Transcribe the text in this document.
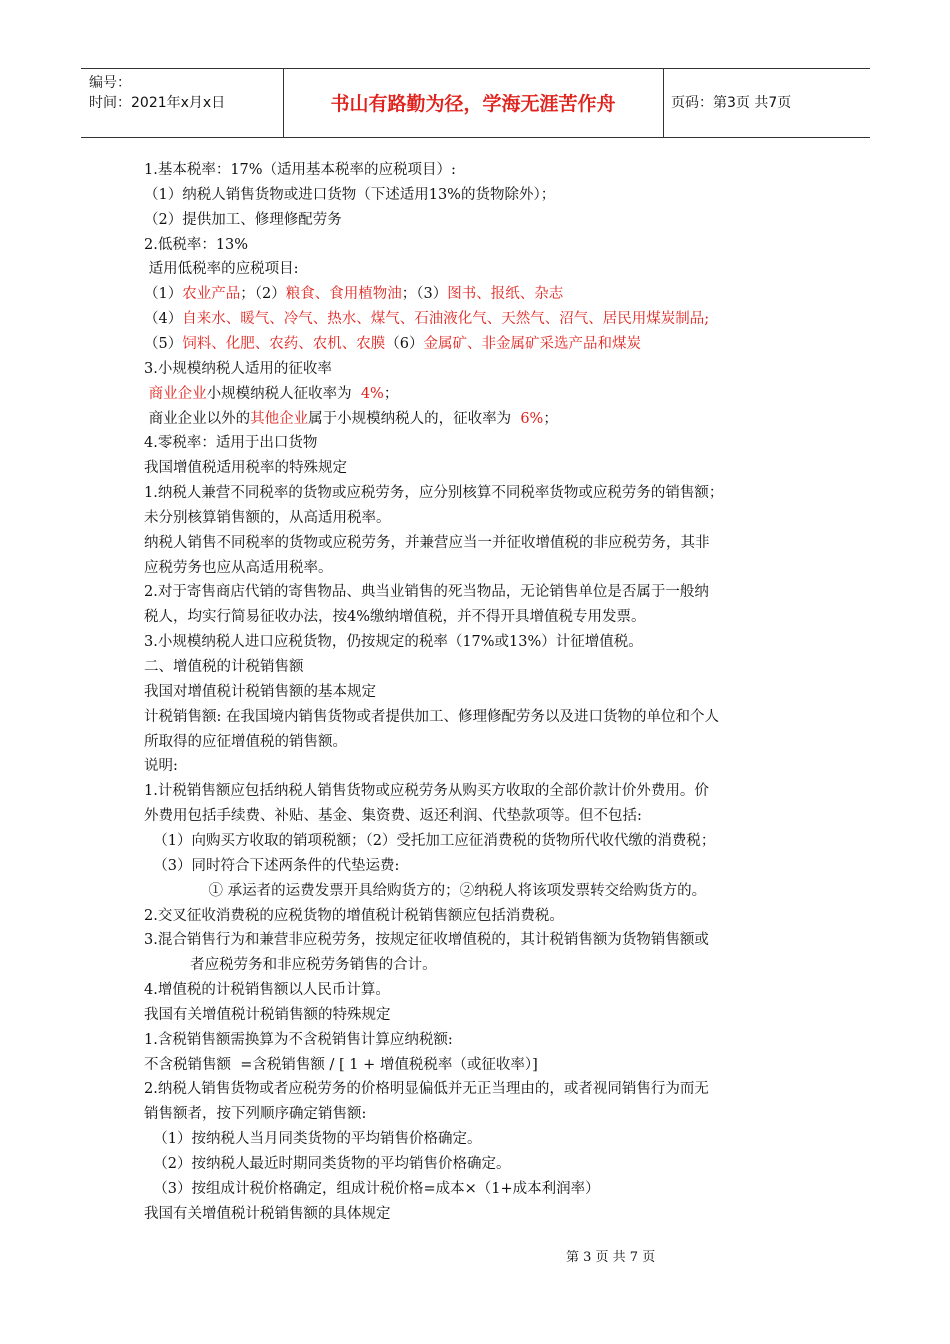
编号：
时间：2021年x月x日	书山有路勤为径，学海无涯苦作舟	页码：第3页 共7页
1.基本税率：17%（适用基本税率的应税项目）:
（1）纳税人销售货物或进口货物（下述适用13%的货物除外）；
（2）提供加工、修理修配劳务
2.低税率：13%
适用低税率的应税项目:
（1）农业产品；（2）粮食、食用植物油；（3）图书、报纸、杂志
（4）自来水、暖气、冷气、热水、煤气、石油液化气、天然气、沼气、居民用煤炭制品;
（5）饲料、化肥、农药、农机、农膜（6）金属矿、非金属矿采选产品和煤炭
3.小规模纳税人适用的征收率
商业企业小规模纳税人征收率为  4%；
商业企业以外的其他企业属于小规模纳税人的，征收率为  6%；
4.零税率：适用于出口货物
我国增值税适用税率的特殊规定
1.纳税人兼营不同税率的货物或应税劳务，应分别核算不同税率货物或应税劳务的销售额；
未分别核算销售额的，从高适用税率。
纳税人销售不同税率的货物或应税劳务，并兼营应当一并征收增值税的非应税劳务，其非
应税劳务也应从高适用税率。
2.对于寄售商店代销的寄售物品、典当业销售的死当物品，无论销售单位是否属于一般纳
税人，均实行简易征收办法，按4%缴纳增值税，并不得开具增值税专用发票。
3.小规模纳税人进口应税货物，仍按规定的税率（17%或13%）计征增值税。
二、增值税的计税销售额
我国对增值税计税销售额的基本规定
计税销售额: 在我国境内销售货物或者提供加工、修理修配劳务以及进口货物的单位和个人
所取得的应征增值税的销售额。
说明:
1.计税销售额应包括纳税人销售货物或应税劳务从购买方收取的全部价款计价外费用。价
外费用包括手续费、补贴、基金、集资费、返还利润、代垫款项等。但不包括:
（1）向购买方收取的销项税额；（2）受托加工应征消费税的货物所代收代缴的消费税；
（3）同时符合下述两条件的代垫运费:
① 承运者的运费发票开具给购货方的；②纳税人将该项发票转交给购货方的。
2.交叉征收消费税的应税货物的增值税计税销售额应包括消费税。
3.混合销售行为和兼营非应税劳务，按规定征收增值税的，其计税销售额为货物销售额或
者应税劳务和非应税劳务销售的合计。
4.增值税的计税销售额以人民币计算。
我国有关增值税计税销售额的特殊规定
1.含税销售额需换算为不含税销售计算应纳税额:
不含税销售额  =含税销售额 / [ 1 + 增值税税率（或征收率）]
2.纳税人销售货物或者应税劳务的价格明显偏低并无正当理由的，或者视同销售行为而无
销售额者，按下列顺序确定销售额:
（1）按纳税人当月同类货物的平均销售价格确定。
（2）按纳税人最近时期同类货物的平均销售价格确定。
（3）按组成计税价格确定，组成计税价格=成本×（1+成本利润率）
我国有关增值税计税销售额的具体规定
第 3 页 共 7 页
